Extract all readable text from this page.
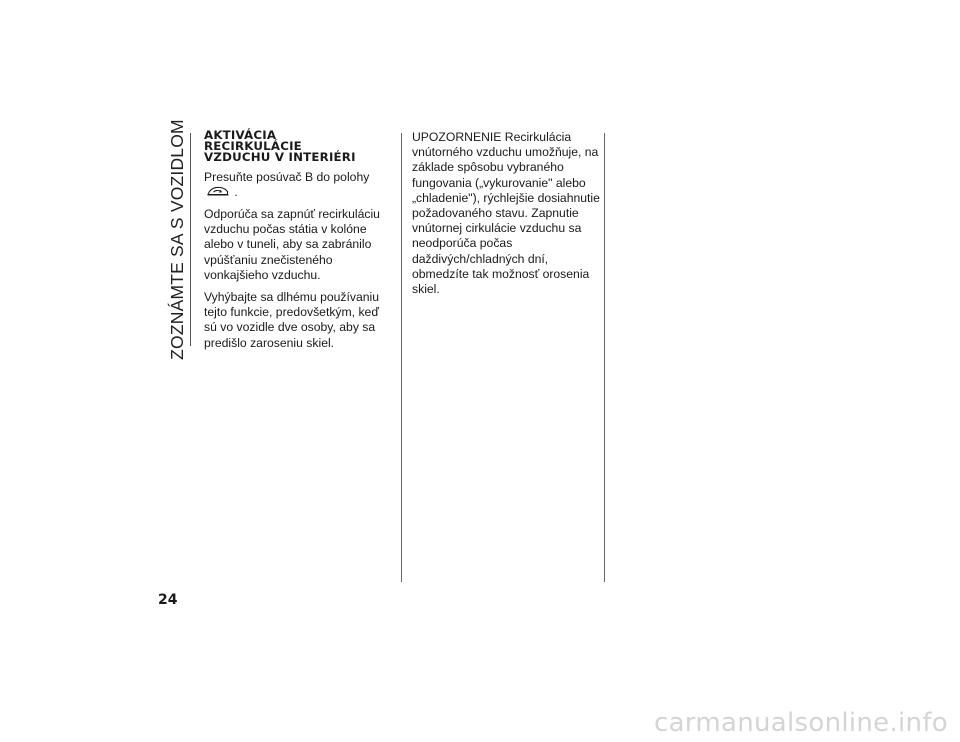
ZOZNÁMTE SA S VOZIDLOM AKTIVÁCIA
RECIRKULÁCIE
VZDUCHU V INTERIÉRI

Presuňte posúvač B do polohy  .

Odporúča sa zapnúť recirkuláciu vzduchu počas státia v kolóne alebo v tuneli, aby sa zabránilo vpúšťaniu znečisteného vonkajšieho vzduchu.

Vyhýbajte sa dlhému používaniu tejto funkcie, predovšetkým, keď sú vo vozidle dve osoby, aby sa predišlo zaroseniu skiel.

UPOZORNENIE Recirkulácia vnútorného vzduchu umožňuje, na základe spôsobu vybraného fungovania („vykurovanie" alebo „chladenie"), rýchlejšie dosiahnutie požadovaného stavu. Zapnutie vnútornej cirkulácie vzduchu sa neodporúča počas daždivých/chladných dní, obmedzíte tak možnosť orosenia skiel.

24
carmanualsonline.info
